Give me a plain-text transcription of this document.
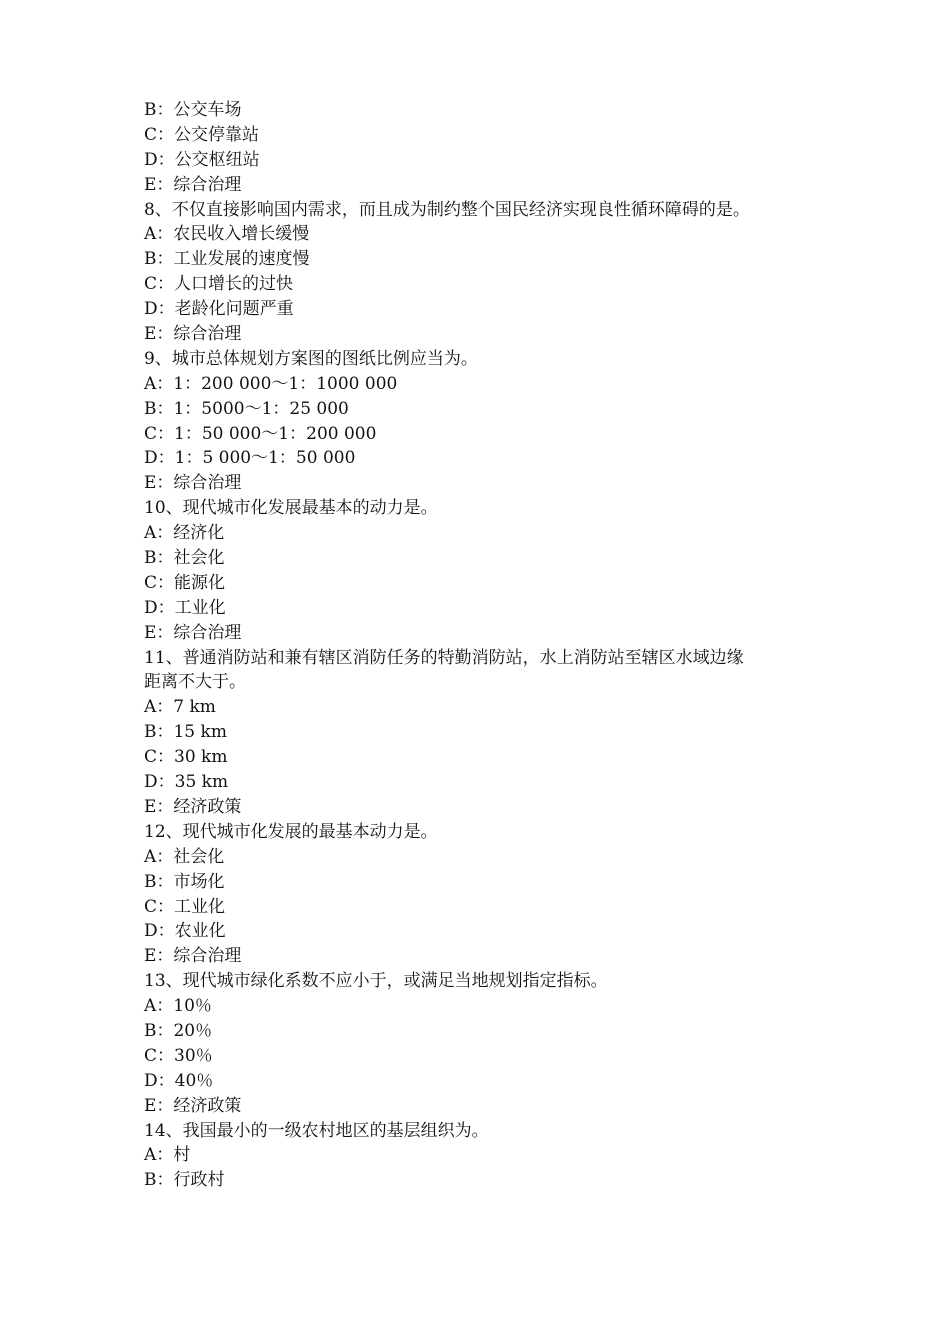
B：公交车场
C：公交停靠站
D：公交枢纽站
E：综合治理
8、不仅直接影响国内需求，而且成为制约整个国民经济实现良性循环障碍的是。
A：农民收入增长缓慢
B：工业发展的速度慢
C：人口增长的过快
D：老龄化问题严重
E：综合治理
9、城市总体规划方案图的图纸比例应当为。
A：1：200 000～1：1000 000
B：1：5000～1：25 000
C：1：50 000～1：200 000
D：1：5 000～1：50 000
E：综合治理
10、现代城市化发展最基本的动力是。
A：经济化
B：社会化
C：能源化
D：工业化
E：综合治理
11、普通消防站和兼有辖区消防任务的特勤消防站，水上消防站至辖区水域边缘
距离不大于。
A：7 km
B：15 km
C：30 km
D：35 km
E：经济政策
12、现代城市化发展的最基本动力是。
A：社会化
B：市场化
C：工业化
D：农业化
E：综合治理
13、现代城市绿化系数不应小于，或满足当地规划指定指标。
A：10％
B：20％
C：30％
D：40％
E：经济政策
14、我国最小的一级农村地区的基层组织为。
A：村
B：行政村
